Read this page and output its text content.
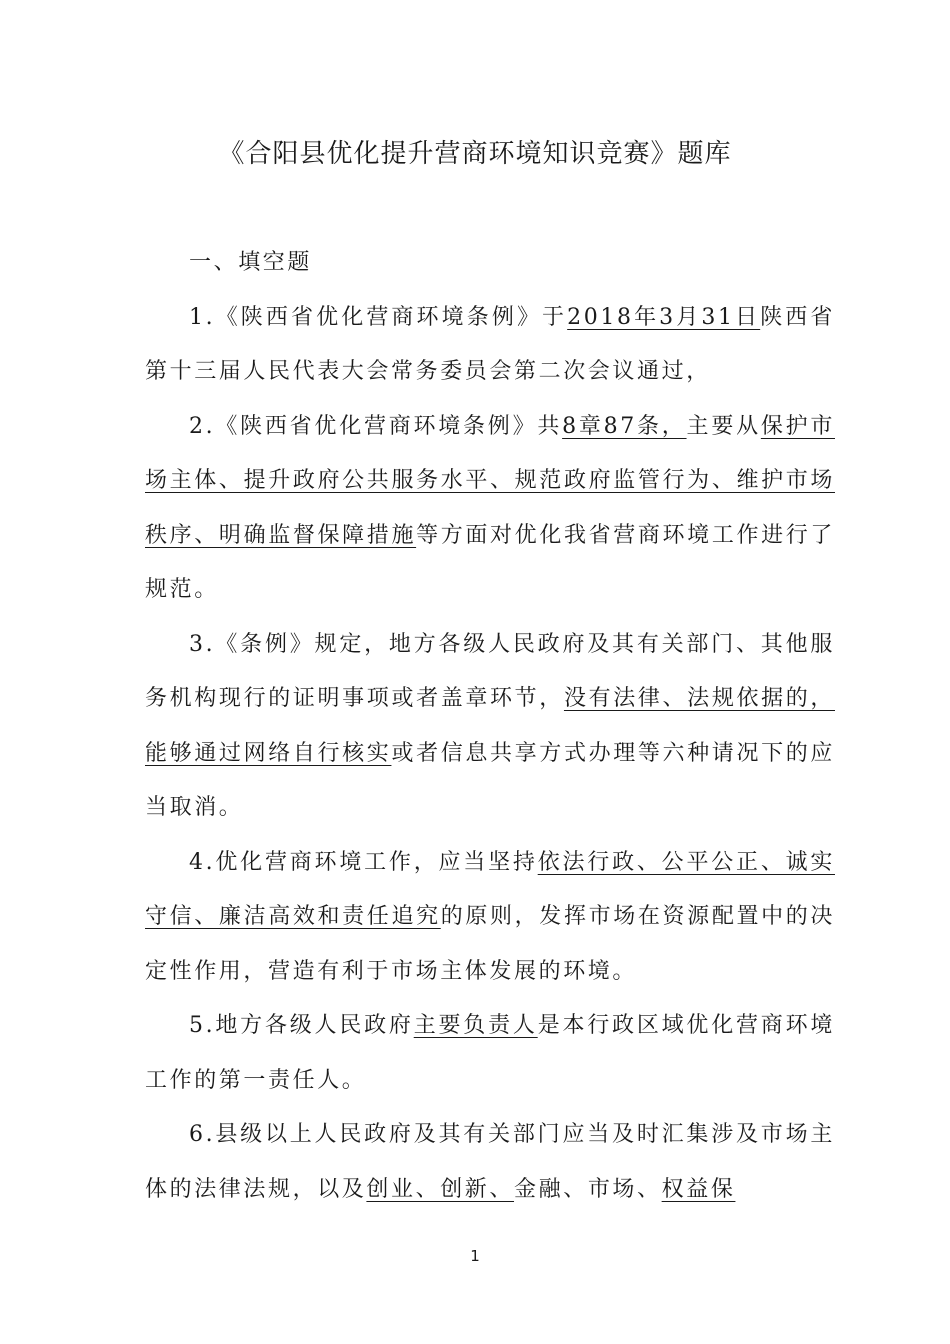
《合阳县优化提升营商环境知识竞赛》题库

一、填空题

1.《陕西省优化营商环境条例》于2018年3月31日陕西省第十三届人民代表大会常务委员会第二次会议通过，

2.《陕西省优化营商环境条例》共8章87条，主要从保护市场主体、提升政府公共服务水平、规范政府监管行为、维护市场秩序、明确监督保障措施等方面对优化我省营商环境工作进行了规范。

3.《条例》规定，地方各级人民政府及其有关部门、其他服务机构现行的证明事项或者盖章环节，没有法律、法规依据的，能够通过网络自行核实或者信息共享方式办理等六种请况下的应当取消。

4.优化营商环境工作，应当坚持依法行政、公平公正、诚实守信、廉洁高效和责任追究的原则，发挥市场在资源配置中的决定性作用，营造有利于市场主体发展的环境。

5.地方各级人民政府主要负责人是本行政区域优化营商环境工作的第一责任人。

6.县级以上人民政府及其有关部门应当及时汇集涉及市场主体的法律法规，以及创业、创新、金融、市场、权益保

1
